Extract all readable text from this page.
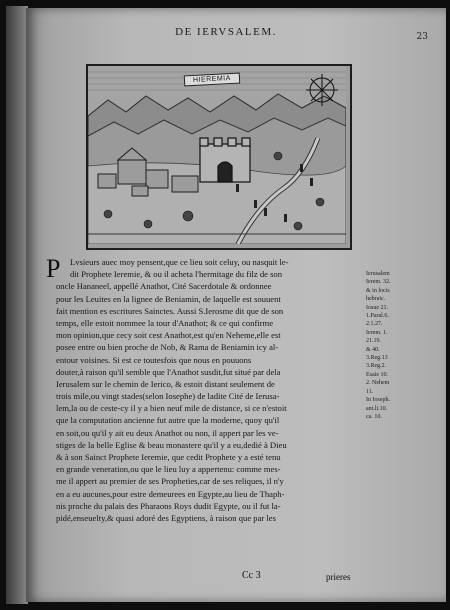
DE IERVSALEM.	23
HIEREMIA
P	Lvsieurs auec moy pensent,que ce lieu soit celuy, ou nasquit le-
dit Prophete Ieremie, & ou il acheta l'hermitage du filz de son
oncle Hananeel, appellé Anathot, Cité Sacerdotale & ordonnee
pour les Leuites en la lignee de Beniamin, de laquelle est souuent
fait mention es escritures Sainctes. Aussi S.Ierosme dit que de son
temps, elle estoit nommee la tour d'Anathot; & ce qui confirme
mon opinion,que cecy soit cest Anathot,est qu'en Neheme,elle est
posee entre ou bien proche de Nob, & Rama de Beniamin icy al-
entour voisines. Si est ce toutesfois que nous en pouuons
douter,à raison qu'il semble que l'Anathot susdit,fut situé par dela
Ierusalem sur le chemin de Ierico, & estoit distant seulement de
trois mile,ou vingt stades(selon Iosephe) de ladite Cité de Ierusa-
lem,la ou de ceste-cy il y a bien neuf mile de distance, si ce n'estoit
que la computation ancienne fut autre que la moderne, quoy qu'il
en soit,ou qu'il y ait eu deux Anathot ou non, il appert par les ve-
stiges de la belle Eglise & beau monastere qu'il y a eu,dedié à Dieu
& à son Sainct Prophete Ieremie, que cedit Prophete y a esté tenu
en grande veneration,ou que le lieu luy a appertenu: comme mes-
me il appert au premier de ses Propheties,car de ses reliques, il n'y
en a eu aucunes,pour estre demeurees en Egypte,au lieu de Thaph-
nis proche du palais des Pharaons Roys dudit Egypte, ou il fut la-
pidé,enseuelty,& quasi adoré des Egyptiens, à raison que par les
Ierusalem
Ierem. 32.
& in locis
hebraic.
Iosue 21.
1.Paral.6.
2.1.27.
Ierem. 1.
21.19.
& 40.
3.Reg.13
3.Reg.2.
Esaie 10.
2. Nehem
11.
In Ioseph.
ant.li.10.
ca. 10.
Cc 3	prieres
